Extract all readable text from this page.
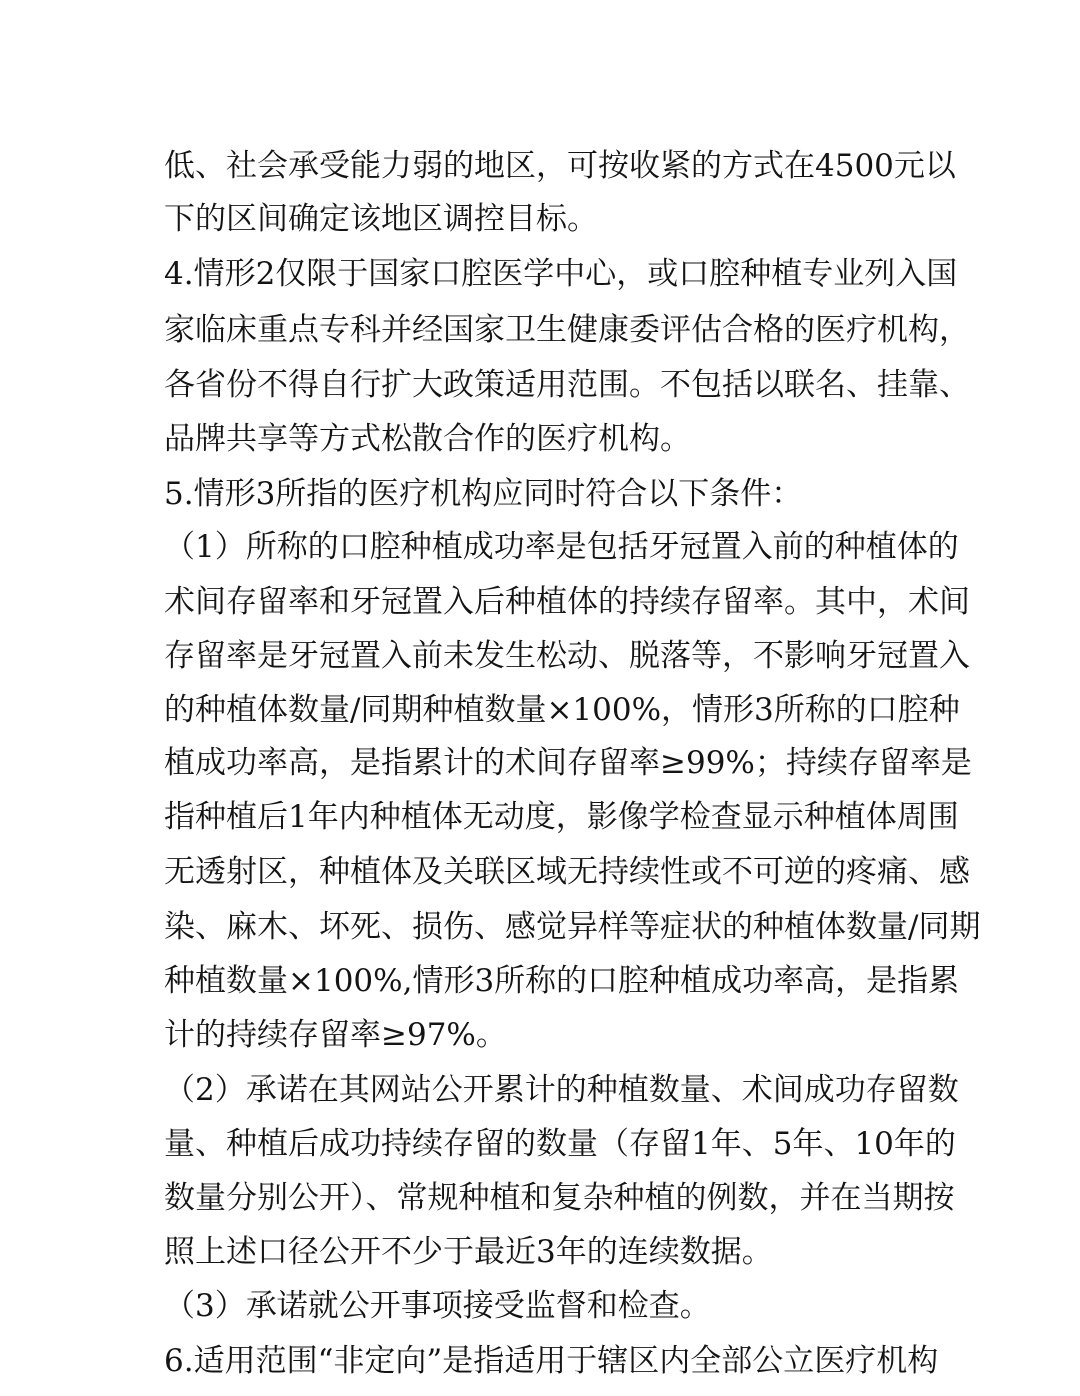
低、社会承受能力弱的地区，可按收紧的方式在4500元以
下的区间确定该地区调控目标。
4.情形2仅限于国家口腔医学中心，或口腔种植专业列入国
家临床重点专科并经国家卫生健康委评估合格的医疗机构，
各省份不得自行扩大政策适用范围。不包括以联名、挂靠、
品牌共享等方式松散合作的医疗机构。
5.情形3所指的医疗机构应同时符合以下条件：
（1）所称的口腔种植成功率是包括牙冠置入前的种植体的
术间存留率和牙冠置入后种植体的持续存留率。其中，术间
存留率是牙冠置入前未发生松动、脱落等，不影响牙冠置入
的种植体数量/同期种植数量×100%，情形3所称的口腔种
植成功率高，是指累计的术间存留率≥99%；持续存留率是
指种植后1年内种植体无动度，影像学检查显示种植体周围
无透射区，种植体及关联区域无持续性或不可逆的疼痛、感
染、麻木、坏死、损伤、感觉异样等症状的种植体数量/同期
种植数量×100%,情形3所称的口腔种植成功率高，是指累
计的持续存留率≥97%。
（2）承诺在其网站公开累计的种植数量、术间成功存留数
量、种植后成功持续存留的数量（存留1年、5年、10年的
数量分别公开）、常规种植和复杂种植的例数，并在当期按
照上述口径公开不少于最近3年的连续数据。
（3）承诺就公开事项接受监督和检查。
6.适用范围“非定向”是指适用于辖区内全部公立医疗机构
